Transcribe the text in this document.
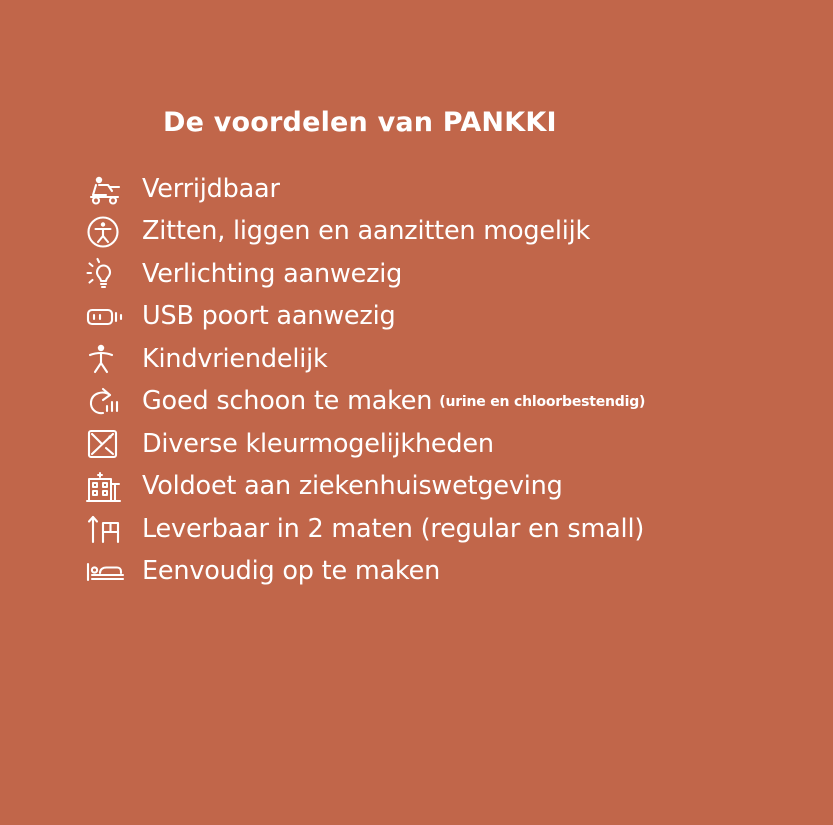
De voordelen van PANKKI
Verrijdbaar
Zitten, liggen en aanzitten mogelijk
Verlichting aanwezig
USB poort aanwezig
Kindvriendelijk
Goed schoon te maken (urine en chloorbestendig)
Diverse kleurmogelijkheden
Voldoet aan ziekenhuiswetgeving
Leverbaar in 2 maten (regular en small)
Eenvoudig op te maken
